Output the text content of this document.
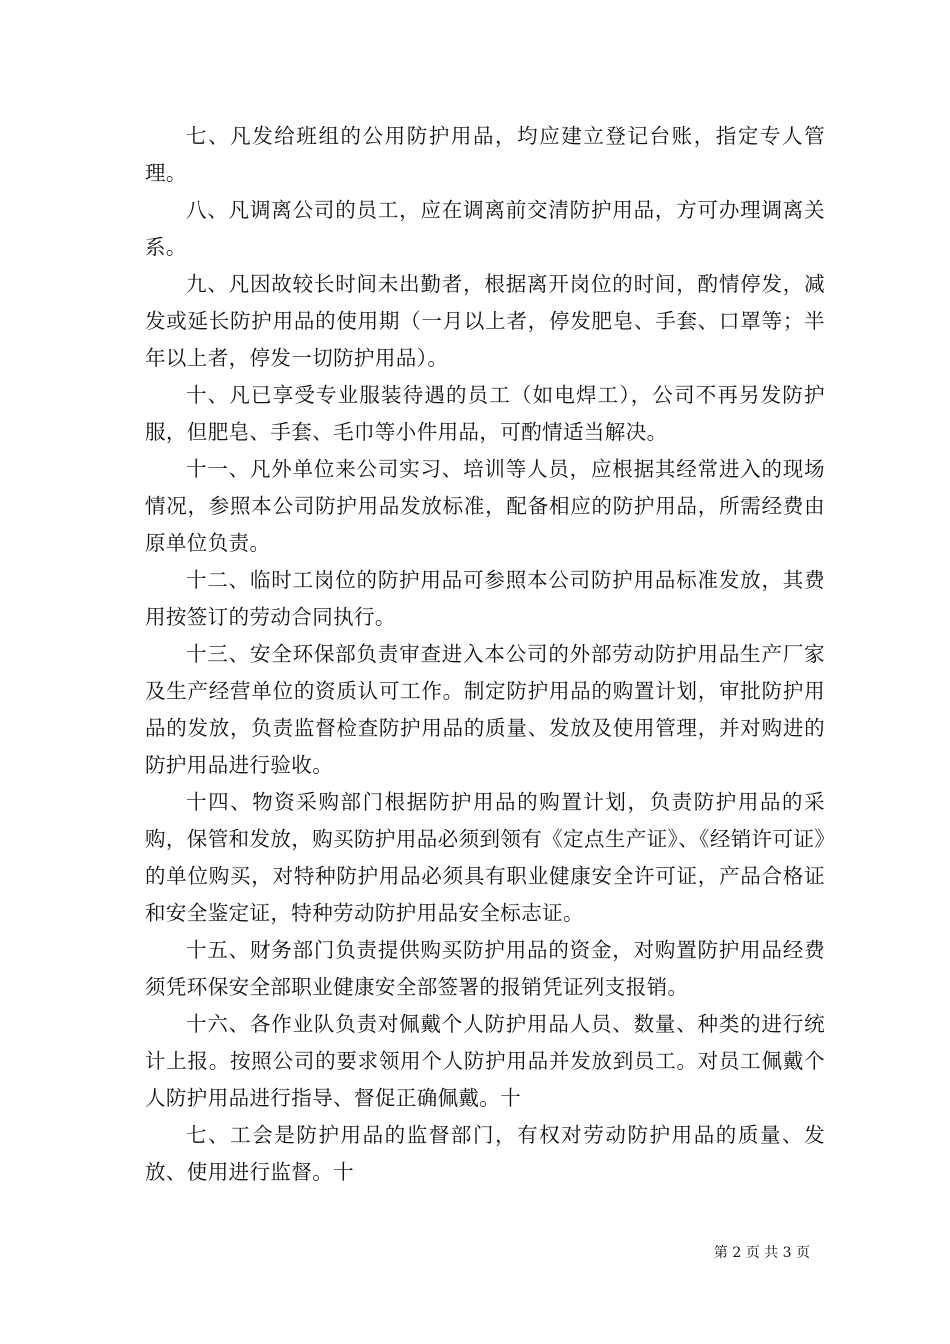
七、凡发给班组的公用防护用品，均应建立登记台账，指定专人管理。

八、凡调离公司的员工，应在调离前交清防护用品，方可办理调离关系。

九、凡因故较长时间未出勤者，根据离开岗位的时间，酌情停发，减发或延长防护用品的使用期（一月以上者，停发肥皂、手套、口罩等；半年以上者，停发一切防护用品）。

十、凡已享受专业服装待遇的员工（如电焊工），公司不再另发防护服，但肥皂、手套、毛巾等小件用品，可酌情适当解决。

十一、凡外单位来公司实习、培训等人员，应根据其经常进入的现场情况，参照本公司防护用品发放标准，配备相应的防护用品，所需经费由原单位负责。

十二、临时工岗位的防护用品可参照本公司防护用品标准发放，其费用按签订的劳动合同执行。

十三、安全环保部负责审查进入本公司的外部劳动防护用品生产厂家及生产经营单位的资质认可工作。制定防护用品的购置计划，审批防护用品的发放，负责监督检查防护用品的质量、发放及使用管理，并对购进的防护用品进行验收。

十四、物资采购部门根据防护用品的购置计划，负责防护用品的采购，保管和发放，购买防护用品必须到领有《定点生产证》、《经销许可证》的单位购买，对特种防护用品必须具有职业健康安全许可证，产品合格证和安全鉴定证，特种劳动防护用品安全标志证。

十五、财务部门负责提供购买防护用品的资金，对购置防护用品经费须凭环保安全部职业健康安全部签署的报销凭证列支报销。

十六、各作业队负责对佩戴个人防护用品人员、数量、种类的进行统计上报。按照公司的要求领用个人防护用品并发放到员工。对员工佩戴个人防护用品进行指导、督促正确佩戴。十

七、工会是防护用品的监督部门，有权对劳动防护用品的质量、发放、使用进行监督。十

第 2 页 共 3 页
